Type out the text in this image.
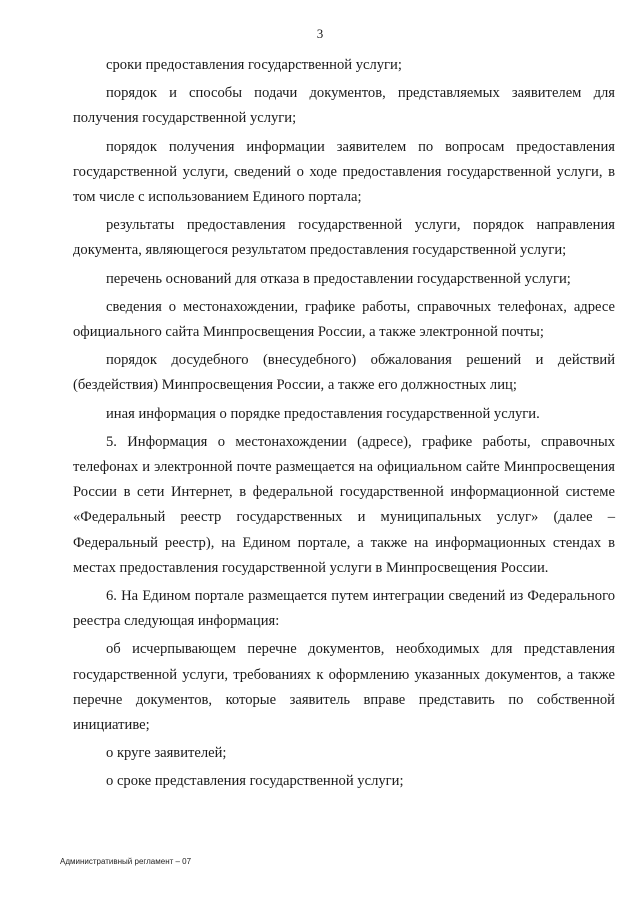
3

сроки предоставления государственной услуги;

порядок и способы подачи документов, представляемых заявителем для получения государственной услуги;

порядок получения информации заявителем по вопросам предоставления государственной услуги, сведений о ходе предоставления государственной услуги, в том числе с использованием Единого портала;

результаты предоставления государственной услуги, порядок направления документа, являющегося результатом предоставления государственной услуги;

перечень оснований для отказа в предоставлении государственной услуги;

сведения о местонахождении, графике работы, справочных телефонах, адресе официального сайта Минпросвещения России, а также электронной почты;

порядок досудебного (внесудебного) обжалования решений и действий (бездействия) Минпросвещения России, а также его должностных лиц;

иная информация о порядке предоставления государственной услуги.

5. Информация о местонахождении (адресе), графике работы, справочных телефонах и электронной почте размещается на официальном сайте Минпросвещения России в сети Интернет, в федеральной государственной информационной системе «Федеральный реестр государственных и муниципальных услуг» (далее – Федеральный реестр), на Едином портале, а также на информационных стендах в местах предоставления государственной услуги в Минпросвещения России.

6. На Едином портале размещается путем интеграции сведений из Федерального реестра следующая информация:

об исчерпывающем перечне документов, необходимых для представления государственной услуги, требованиях к оформлению указанных документов, а также перечне документов, которые заявитель вправе представить по собственной инициативе;

о круге заявителей;

о сроке представления государственной услуги;

Административный регламент – 07
